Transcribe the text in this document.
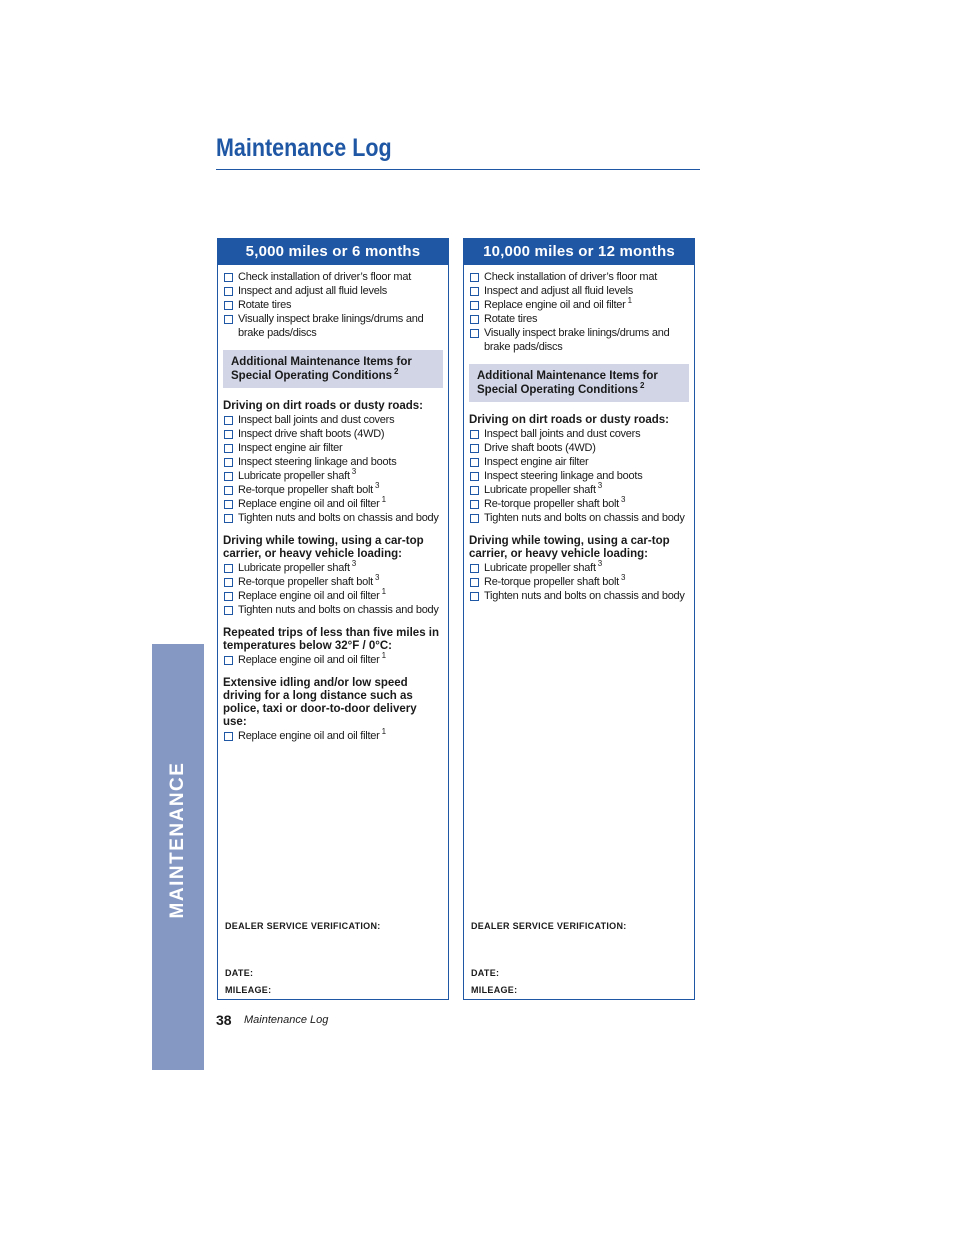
MAINTENANCE
Maintenance Log
5,000 miles or 6 months
Check installation of driver’s floor mat
Inspect and adjust all fluid levels
Rotate tires
Visually inspect brake linings/drums and brake pads/discs
Additional Maintenance Items for Special Operating Conditions $^2$
Driving on dirt roads or dusty roads:
Inspect ball joints and dust covers
Inspect drive shaft boots (4WD)
Inspect engine air filter
Inspect steering linkage and boots
Lubricate propeller shaft $^3$
Re-torque propeller shaft bolt $^3$
Replace engine oil and oil filter $^1$
Tighten nuts and bolts on chassis and body
Driving while towing, using a car-top carrier, or heavy vehicle loading:
Lubricate propeller shaft $^3$
Re-torque propeller shaft bolt $^3$
Replace engine oil and oil filter $^1$
Tighten nuts and bolts on chassis and body
Repeated trips of less than five miles in temperatures below 32°F / 0°C:
Replace engine oil and oil filter $^1$
Extensive idling and/or low speed driving for a long distance such as police, taxi or door-to-door delivery use:
Replace engine oil and oil filter $^1$
DEALER SERVICE VERIFICATION:
DATE:
MILEAGE:
10,000 miles or 12 months
Check installation of driver’s floor mat
Inspect and adjust all fluid levels
Replace engine oil and oil filter $^1$
Rotate tires
Visually inspect brake linings/drums and brake pads/discs
Additional Maintenance Items for Special Operating Conditions $^2$
Driving on dirt roads or dusty roads:
Inspect ball joints and dust covers
Drive shaft boots (4WD)
Inspect engine air filter
Inspect steering linkage and boots
Lubricate propeller shaft $^3$
Re-torque propeller shaft bolt $^3$
Tighten nuts and bolts on chassis and body
Driving while towing, using a car-top carrier, or heavy vehicle loading:
Lubricate propeller shaft $^3$
Re-torque propeller shaft bolt $^3$
Tighten nuts and bolts on chassis and body
DEALER SERVICE VERIFICATION:
DATE:
MILEAGE:
38 Maintenance Log
